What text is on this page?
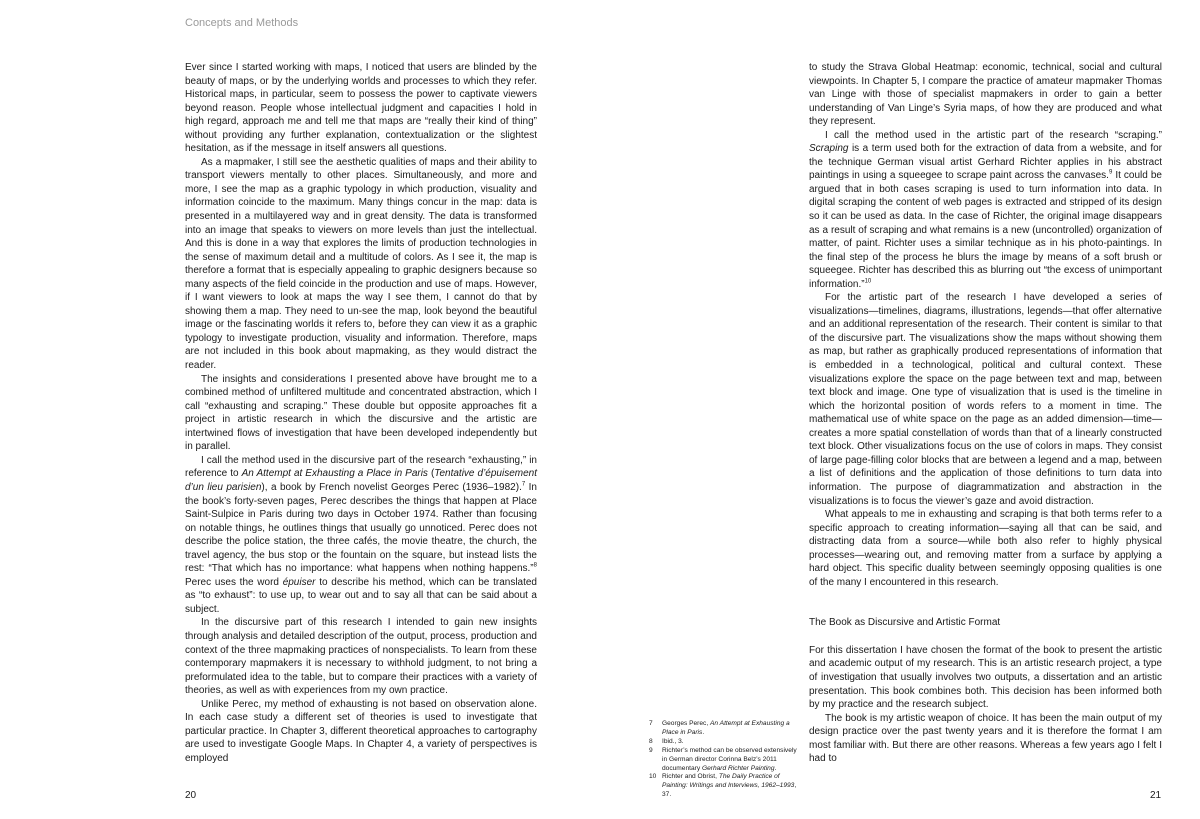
Concepts and Methods

Ever since I started working with maps, I noticed that users are blinded by the beauty of maps, or by the underlying worlds and processes to which they refer. Historical maps, in particular, seem to possess the power to captivate viewers beyond reason. People whose intellectual judgment and capacities I hold in high regard, approach me and tell me that maps are “really their kind of thing” without providing any further explanation, contextualization or the slightest hesitation, as if the message in itself answers all questions.

As a mapmaker, I still see the aesthetic qualities of maps and their ability to transport viewers mentally to other places. Simultaneously, and more and more, I see the map as a graphic typology in which production, visuality and information coincide to the maximum. Many things concur in the map: data is presented in a multilayered way and in great density. The data is transformed into an image that speaks to viewers on more levels than just the intellectual. And this is done in a way that explores the limits of production technologies in the sense of maximum detail and a multitude of colors. As I see it, the map is therefore a format that is especially appealing to graphic designers because so many aspects of the field coincide in the production and use of maps. However, if I want viewers to look at maps the way I see them, I cannot do that by showing them a map. They need to un-see the map, look beyond the beautiful image or the fascinating worlds it refers to, before they can view it as a graphic typology to investigate production, visuality and information. Therefore, maps are not included in this book about mapmaking, as they would distract the reader.

The insights and considerations I presented above have brought me to a combined method of unfiltered multitude and concentrated abstraction, which I call “exhausting and scraping.” These double but opposite approaches fit a project in artistic research in which the discursive and the artistic are intertwined flows of investigation that have been developed independently but in parallel.

I call the method used in the discursive part of the research “exhausting,” in reference to An Attempt at Exhausting a Place in Paris (Tentative d’épuisement d’un lieu parisien), a book by French novelist Georges Perec (1936–1982).$^7$ In the book’s forty-seven pages, Perec describes the things that happen at Place Saint-Sulpice in Paris during two days in October 1974. Rather than focusing on notable things, he outlines things that usually go unnoticed. Perec does not describe the police station, the three cafés, the movie theatre, the church, the travel agency, the bus stop or the fountain on the square, but instead lists the rest: “That which has no importance: what happens when nothing happens.”$^8$ Perec uses the word épuiser to describe his method, which can be translated as “to exhaust”: to use up, to wear out and to say all that can be said about a subject.

In the discursive part of this research I intended to gain new insights through analysis and detailed description of the output, process, production and context of the three mapmaking practices of nonspecialists. To learn from these contemporary mapmakers it is necessary to withhold judgment, to not bring a preformulated idea to the table, but to compare their practices with a variety of theories, as well as with experiences from my own practice.

Unlike Perec, my method of exhausting is not based on observation alone. In each case study a different set of theories is used to investigate that particular practice. In Chapter 3, different theoretical approaches to cartography are used to investigate Google Maps. In Chapter 4, a variety of perspectives is employed

to study the Strava Global Heatmap: economic, technical, social and cultural viewpoints. In Chapter 5, I compare the practice of amateur mapmaker Thomas van Linge with those of specialist mapmakers in order to gain a better understanding of Van Linge’s Syria maps, of how they are produced and what they represent.

I call the method used in the artistic part of the research “scraping.” Scraping is a term used both for the extraction of data from a website, and for the technique German visual artist Gerhard Richter applies in his abstract paintings in using a squeegee to scrape paint across the canvases.$^9$ It could be argued that in both cases scraping is used to turn information into data. In digital scraping the content of web pages is extracted and stripped of its design so it can be used as data. In the case of Richter, the original image disappears as a result of scraping and what remains is a new (uncontrolled) organization of matter, of paint. Richter uses a similar technique as in his photo-paintings. In the final step of the process he blurs the image by means of a soft brush or squeegee. Richter has described this as blurring out “the excess of unimportant information.”$^{10}$

For the artistic part of the research I have developed a series of visualizations—timelines, diagrams, illustrations, legends—that offer alternative and an additional representation of the research. Their content is similar to that of the discursive part. The visualizations show the maps without showing them as map, but rather as graphically produced representations of information that is embedded in a technological, political and cultural context. These visualizations explore the space on the page between text and map, between text block and image. One type of visualization that is used is the timeline in which the horizontal position of words refers to a moment in time. The mathematical use of white space on the page as an added dimension—time—creates a more spatial constellation of words than that of a linearly constructed text block. Other visualizations focus on the use of colors in maps. They consist of large page-filling color blocks that are between a legend and a map, between a list of definitions and the application of those definitions to turn data into information. The purpose of diagrammatization and abstraction in the visualizations is to focus the viewer’s gaze and avoid distraction.

What appeals to me in exhausting and scraping is that both terms refer to a specific approach to creating information—saying all that can be said, and distracting data from a source—while both also refer to highly physical processes—wearing out, and removing matter from a surface by applying a hard object. This specific duality between seemingly opposing qualities is one of the many I encountered in this research.

The Book as Discursive and Artistic Format

For this dissertation I have chosen the format of the book to present the artistic and academic output of my research. This is an artistic research project, a type of investigation that usually involves two outputs, a dissertation and an artistic presentation. This book combines both. This decision has been informed both by my practice and the research subject.

The book is my artistic weapon of choice. It has been the main output of my design practice over the past twenty years and it is therefore the format I am most familiar with. But there are other reasons. Whereas a few years ago I felt I had to

7	Georges Perec, An Attempt at Exhausting a Place in Paris.
8	Ibid., 3.
9	Richter’s method can be observed extensively in German director Corinna Belz’s 2011 documentary Gerhard Richter Painting.
10 Richter and Obrist, The Daily Practice of Painting: Writings and Interviews, 1962–1993, 37.
20	21
